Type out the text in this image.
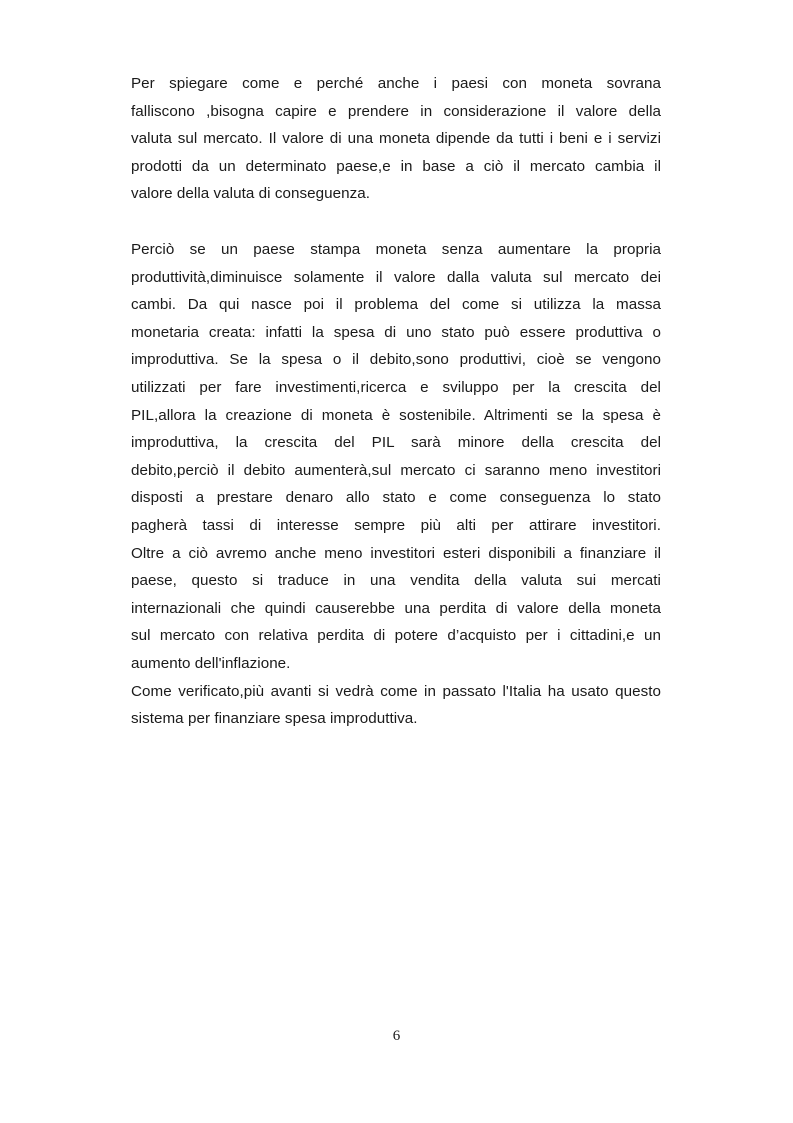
Per spiegare come e perché anche i paesi con moneta sovrana
falliscono ,bisogna capire e prendere in considerazione il valore della
valuta sul mercato. Il valore di una moneta dipende da tutti i beni e i servizi
prodotti da un determinato paese,e in base a ciò il mercato cambia il
valore della valuta di conseguenza.
Perciò se un paese stampa moneta senza aumentare la propria
produttività,diminuisce solamente il valore dalla valuta sul mercato dei
cambi. Da qui nasce poi il problema del come si utilizza la massa
monetaria creata: infatti la spesa di uno stato può essere produttiva o
improduttiva. Se la spesa o il debito,sono produttivi, cioè se vengono
utilizzati per fare investimenti,ricerca e sviluppo per la crescita del
PIL,allora la creazione di moneta è sostenibile. Altrimenti se la spesa è
improduttiva, la crescita del PIL sarà minore della crescita del
debito,perciò il debito aumenterà,sul mercato ci saranno meno investitori
disposti a prestare denaro allo stato e come conseguenza lo stato
pagherà tassi di interesse sempre più alti per attirare investitori.
Oltre a ciò avremo anche meno investitori esteri disponibili a finanziare il
paese, questo si traduce in una vendita della valuta sui mercati
internazionali che quindi causerebbe una perdita di valore della moneta
sul mercato con relativa perdita di potere d’acquisto per i cittadini,e un
aumento dell'inflazione.
Come verificato,più avanti si vedrà come in passato l'Italia ha usato questo
sistema per finanziare spesa improduttiva.
6
